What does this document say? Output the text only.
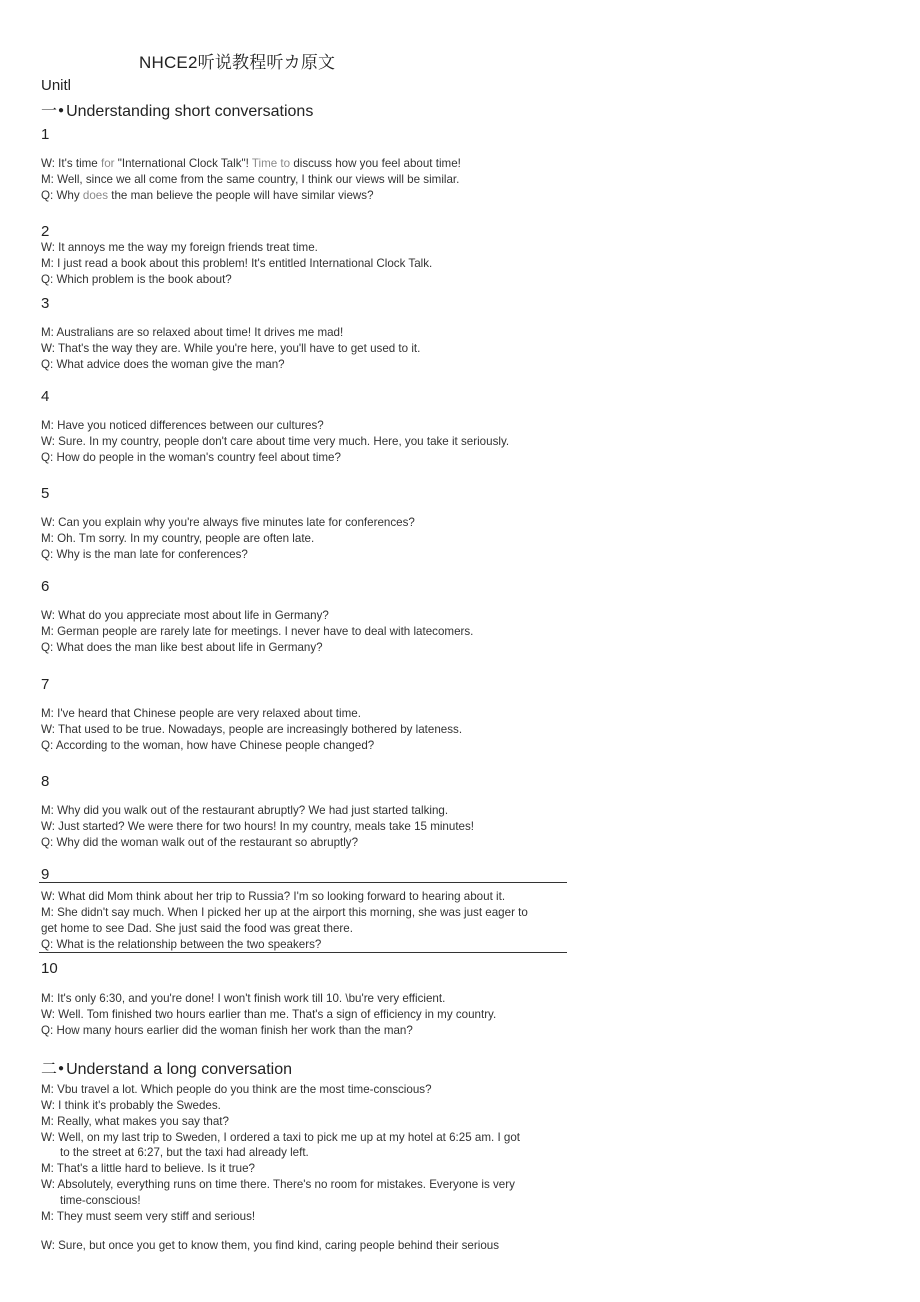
NHCE2听说教程听カ原文
Unitl
一● Understanding short conversations
1
W: It's time for "International Clock Talk"! Time to discuss how you feel about time!
M: Well, since we all come from the same country, I think our views will be similar.
Q: Why does the man believe the people will have similar views?
2
W: It annoys me the way my foreign friends treat time.
M: I just read a book about this problem! It's entitled International Clock Talk.
Q: Which problem is the book about?
3
M: Australians are so relaxed about time! It drives me mad!
W: That's the way they are. While you're here, you'll have to get used to it.
Q: What advice does the woman give the man?
4
M: Have you noticed differences between our cultures?
W: Sure. In my country, people don't care about time very much. Here, you take it seriously.
Q: How do people in the woman's country feel about time?
5
W: Can you explain why you're always five minutes late for conferences?
M: Oh. Tm sorry. In my country, people are often late.
Q: Why is the man late for conferences?
6
W: What do you appreciate most about life in Germany?
M: German people are rarely late for meetings. I never have to deal with latecomers.
Q: What does the man like best about life in Germany?
7
M: I've heard that Chinese people are very relaxed about time.
W: That used to be true. Nowadays, people are increasingly bothered by lateness.
Q: According to the woman, how have Chinese people changed?
8
M: Why did you walk out of the restaurant abruptly? We had just started talking.
W: Just started? We were there for two hours! In my country, meals take 15 minutes!
Q: Why did the woman walk out of the restaurant so abruptly?
9
W: What did Mom think about her trip to Russia? I'm so looking forward to hearing about it.
M: She didn't say much. When I picked her up at the airport this morning, she was just eager to
get home to see Dad. She just said the food was great there.
Q: What is the relationship between the two speakers?
10
M: It's only 6:30, and you're done! I won't finish work till 10. \bu're very efficient.
W: Well. Tom finished two hours earlier than me. That's a sign of efficiency in my country.
Q: How many hours earlier did the woman finish her work than the man?
二● Understand a long conversation
M: Vbu travel a lot. Which people do you think are the most time-conscious?
W: I think it's probably the Swedes.
M: Really, what makes you say that?
W: Well, on my last trip to Sweden, I ordered a taxi to pick me up at my hotel at 6:25 am. I got
to the street at 6:27, but the taxi had already left.
M: That's a little hard to believe. Is it true?
W: Absolutely, everything runs on time there. There's no room for mistakes. Everyone is very
time-conscious!
M: They must seem very stiff and serious!
W: Sure, but once you get to know them, you find kind, caring people behind their serious
